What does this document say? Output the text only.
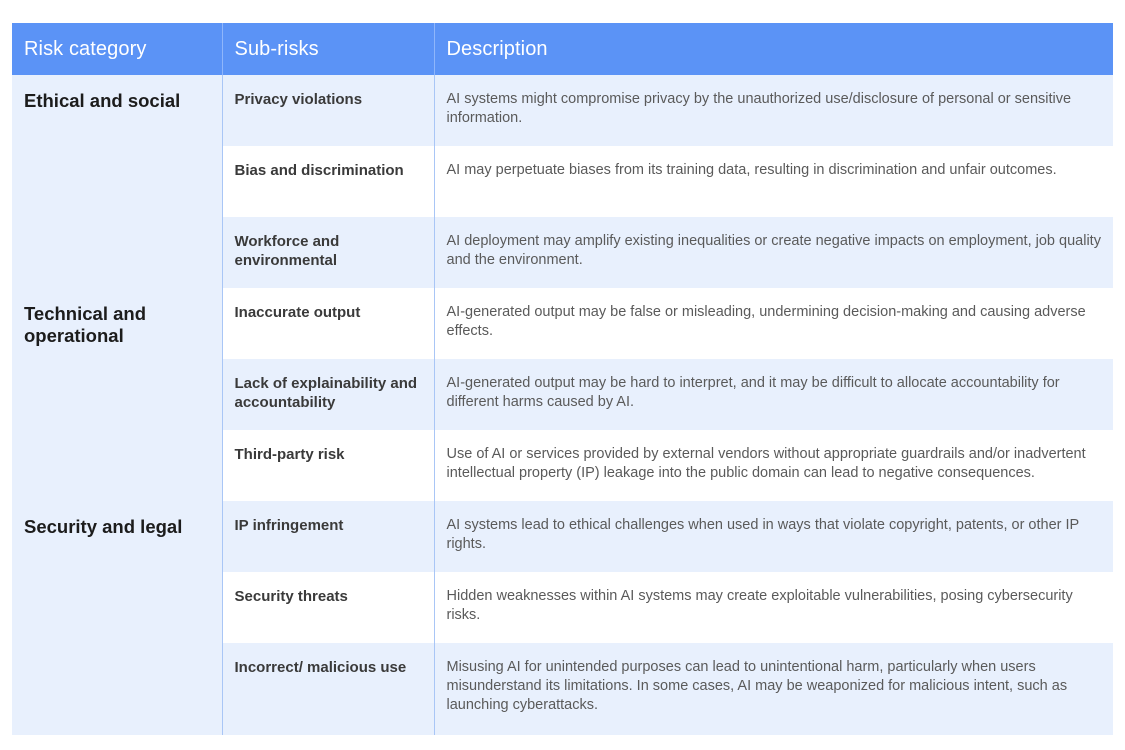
Risk category	Sub-risks	Description

Ethical and social	Privacy violations	AI systems might compromise privacy by the unauthorized use/disclosure of personal or sensitive information.

	Bias and discrimination	AI may perpetuate biases from its training data, resulting in discrimination and unfair outcomes.

	Workforce and environmental	AI deployment may amplify existing inequalities or create negative impacts on employment, job quality and the environment.

Technical and operational	Inaccurate output	AI-generated output may be false or misleading, undermining decision-making and causing adverse effects.

	Lack of explainability and accountability	AI-generated output may be hard to interpret, and it may be difficult to allocate accountability for different harms caused by AI.

	Third-party risk	Use of AI or services provided by external vendors without appropriate guardrails and/or inadvertent intellectual property (IP) leakage into the public domain can lead to negative consequences.

Security and legal	IP infringement	AI systems lead to ethical challenges when used in ways that violate copyright, patents, or other IP rights.

	Security threats	Hidden weaknesses within AI systems may create exploitable vulnerabilities, posing cybersecurity risks.

	Incorrect/ malicious use	Misusing AI for unintended purposes can lead to unintentional harm, particularly when users misunderstand its limitations. In some cases, AI may be weaponized for malicious intent, such as launching cyberattacks.
